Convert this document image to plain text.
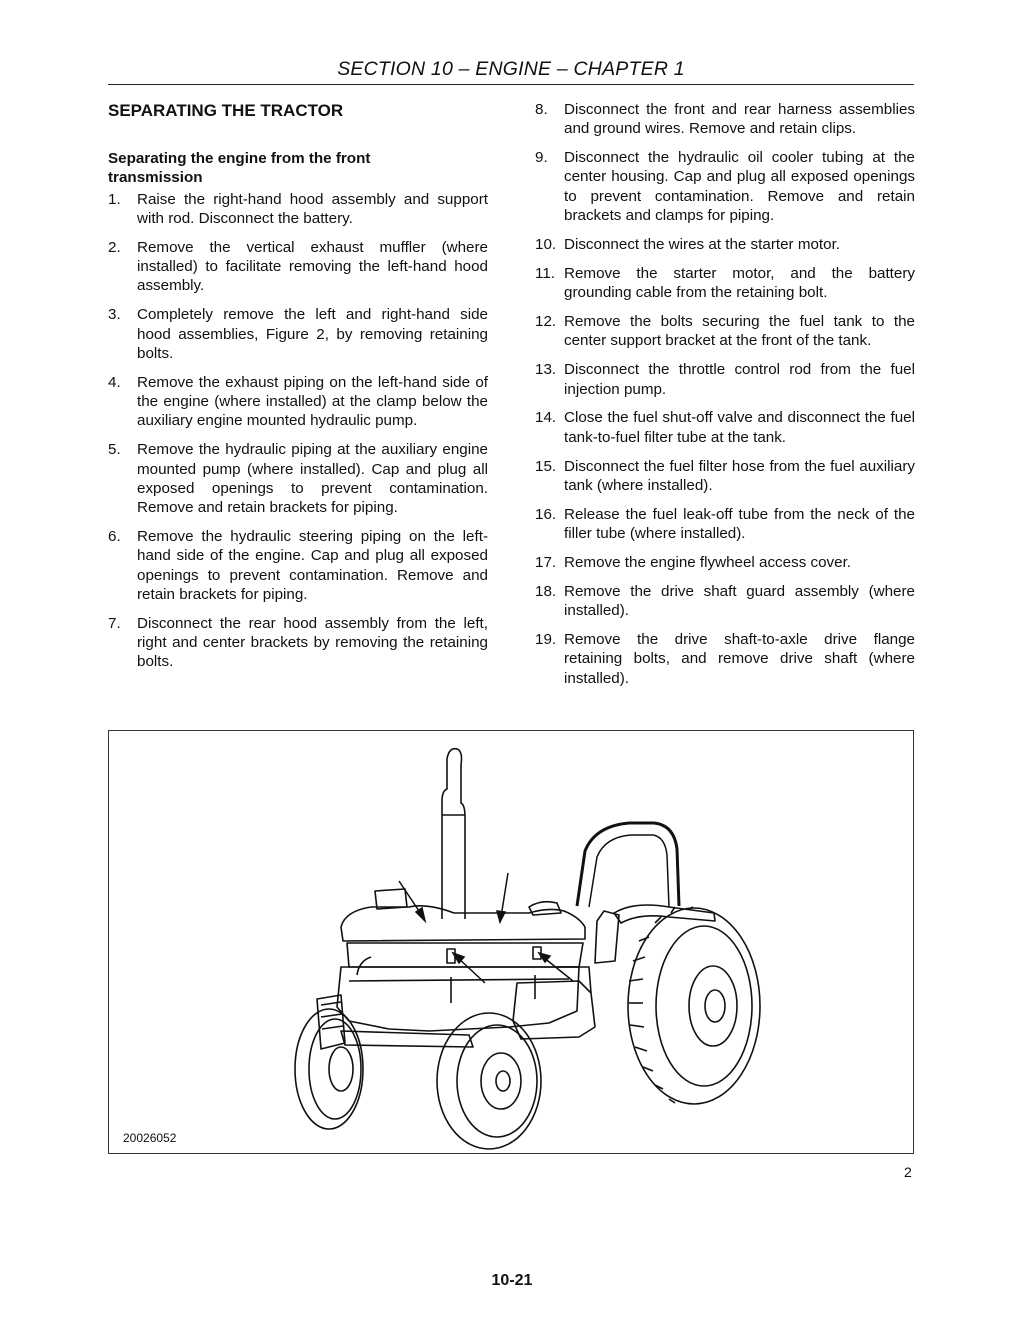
SECTION 10 – ENGINE – CHAPTER 1
SEPARATING THE TRACTOR
Separating the engine from the front transmission
1. Raise the right-hand hood assembly and support with rod. Disconnect the battery.
2. Remove the vertical exhaust muffler (where installed) to facilitate removing the left-hand hood assembly.
3. Completely remove the left and right-hand side hood assemblies, Figure 2, by removing retaining bolts.
4. Remove the exhaust piping on the left-hand side of the engine (where installed) at the clamp below the auxiliary engine mounted hydraulic pump.
5. Remove the hydraulic piping at the auxiliary engine mounted pump (where installed). Cap and plug all exposed openings to prevent contamination. Remove and retain brackets for piping.
6. Remove the hydraulic steering piping on the left-hand side of the engine. Cap and plug all exposed openings to prevent contamination. Remove and retain brackets for piping.
7. Disconnect the rear hood assembly from the left, right and center brackets by removing the retaining bolts.
8. Disconnect the front and rear harness assemblies and ground wires. Remove and retain clips.
9. Disconnect the hydraulic oil cooler tubing at the center housing. Cap and plug all exposed openings to prevent contamination. Remove and retain brackets and clamps for piping.
10. Disconnect the wires at the starter motor.
11. Remove the starter motor, and the battery grounding cable from the retaining bolt.
12. Remove the bolts securing the fuel tank to the center support bracket at the front of the tank.
13. Disconnect the throttle control rod from the fuel injection pump.
14. Close the fuel shut-off valve and disconnect the fuel tank-to-fuel filter tube at the tank.
15. Disconnect the fuel filter hose from the fuel auxiliary tank (where installed).
16. Release the fuel leak-off tube from the neck of the filler tube (where installed).
17. Remove the engine flywheel access cover.
18. Remove the drive shaft guard assembly (where installed).
19. Remove the drive shaft-to-axle drive flange retaining bolts, and remove drive shaft (where installed).
20026052
2
10-21
